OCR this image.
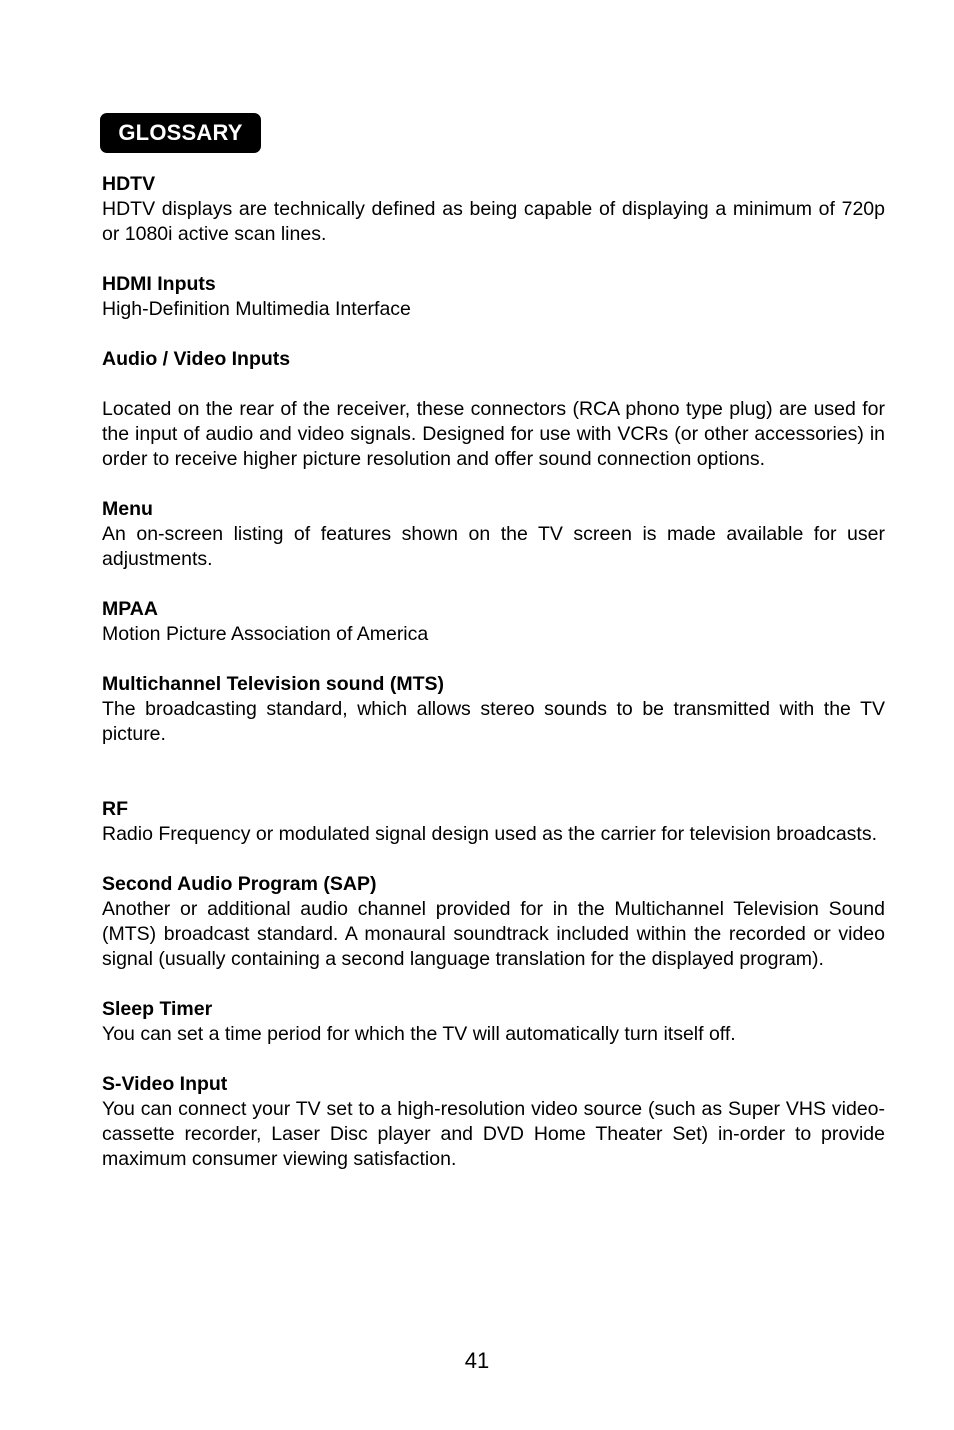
GLOSSARY

HDTV

HDTV displays are technically defined as being capable of displaying a minimum of 720p or 1080i active scan lines.

HDMI Inputs

High-Definition Multimedia Interface

Audio / Video Inputs

Located on the rear of the receiver, these connectors (RCA phono type plug) are used for the input of audio and video signals. Designed for use with VCRs (or other accessories) in order to receive higher picture resolution and offer sound connection options.

Menu

An on-screen listing of features shown on the TV screen is made available for user adjustments.

MPAA

Motion Picture Association of America

Multichannel Television sound (MTS)

The broadcasting standard, which allows stereo sounds to be transmitted with the TV picture.

RF

Radio Frequency or modulated signal design used as the carrier for television broadcasts.

Second Audio Program (SAP)

Another or additional audio channel provided for in the Multichannel Television Sound (MTS) broadcast standard. A monaural soundtrack included within the recorded or video signal (usually containing a second language translation for the displayed program).

Sleep Timer

You can set a time period for which the TV will automatically turn itself off.

S-Video Input

You can connect your TV set to a high-resolution video source (such as Super VHS video-cassette recorder, Laser Disc player and DVD Home Theater Set) in-order to provide maximum consumer viewing satisfaction.

41
